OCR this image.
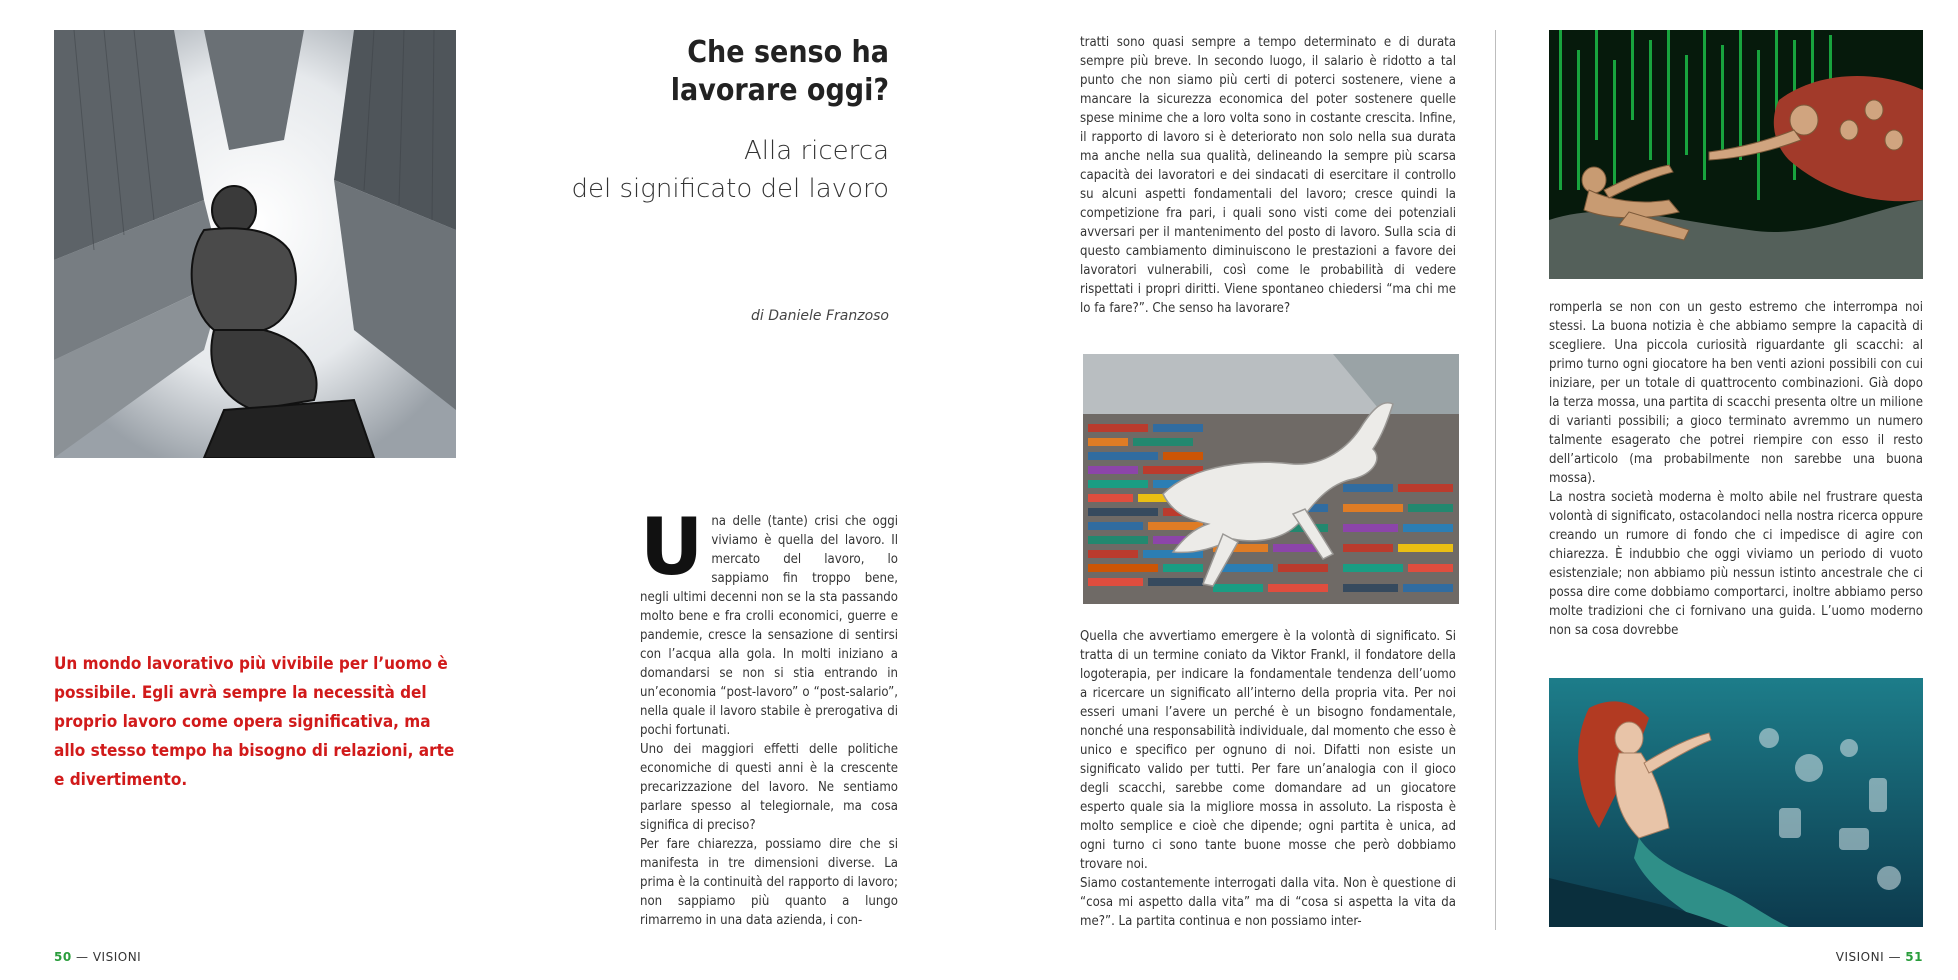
Che senso ha
lavorare oggi?
Alla ricerca
del significato del lavoro
di Daniele Franzoso
Un mondo lavorativo più vivibile per l’uomo è possibile. Egli avrà sempre la necessità del proprio lavoro come opera significativa, ma allo stesso tempo ha bisogno di relazioni, arte e divertimento.
U na delle (tante) crisi che oggi viviamo è quella del lavoro. Il mercato del lavoro, lo sappiamo fin troppo bene, negli ultimi decenni non se la sta passando molto bene e fra crolli economici, guerre e pandemie, cresce la sensazione di sentirsi con l’acqua alla gola. In molti iniziano a domandarsi se non si stia entrando in un’economia “post-lavoro” o “post-salario”, nella quale il lavoro stabile è prerogativa di pochi fortunati.

Uno dei maggiori effetti delle politiche economiche di questi anni è la crescente precarizzazione del lavoro. Ne sentiamo parlare spesso al telegiornale, ma cosa significa di preciso?

Per fare chiarezza, possiamo dire che si manifesta in tre dimensioni diverse. La prima è la continuità del rapporto di lavoro; non sappiamo più quanto a lungo rimarremo in una data azienda, i con-

tratti sono quasi sempre a tempo determinato e di durata sempre più breve. In secondo luogo, il salario è ridotto a tal punto che non siamo più certi di poterci sostenere, viene a mancare la sicurezza economica del poter sostenere quelle spese minime che a loro volta sono in costante crescita. Infine, il rapporto di lavoro si è deteriorato non solo nella sua durata ma anche nella sua qualità, delineando la sempre più scarsa capacità dei lavoratori e dei sindacati di esercitare il controllo su alcuni aspetti fondamentali del lavoro; cresce quindi la competizione fra pari, i quali sono visti come dei potenziali avversari per il mantenimento del posto di lavoro. Sulla scia di questo cambiamento diminuiscono le prestazioni a favore dei lavoratori vulnerabili, così come le probabilità di vedere rispettati i propri diritti. Viene spontaneo chiedersi “ma chi me lo fa fare?”. Che senso ha lavorare?

Quella che avvertiamo emergere è la volontà di significato. Si tratta di un termine coniato da Viktor Frankl, il fondatore della logoterapia, per indicare la fondamentale tendenza dell’uomo a ricercare un significato all’interno della propria vita. Per noi esseri umani l’avere un perché è un bisogno fondamentale, nonché una responsabilità individuale, dal momento che esso è unico e specifico per ognuno di noi. Difatti non esiste un significato valido per tutti. Per fare un’analogia con il gioco degli scacchi, sarebbe come domandare ad un giocatore esperto quale sia la migliore mossa in assoluto. La risposta è molto semplice e cioè che dipende; ogni partita è unica, ad ogni turno ci sono tante buone mosse che però dobbiamo trovare noi.

Siamo costantemente interrogati dalla vita. Non è questione di “cosa mi aspetto dalla vita” ma di “cosa si aspetta la vita da me?”. La partita continua e non possiamo inter-

romperla se non con un gesto estremo che interrompa noi stessi. La buona notizia è che abbiamo sempre la capacità di scegliere. Una piccola curiosità riguardante gli scacchi: al primo turno ogni giocatore ha ben venti azioni possibili con cui iniziare, per un totale di quattrocento combinazioni. Già dopo la terza mossa, una partita di scacchi presenta oltre un milione di varianti possibili; a gioco terminato avremmo un numero talmente esagerato che potrei riempire con esso il resto dell’articolo (ma probabilmente non sarebbe una buona mossa).

La nostra società moderna è molto abile nel frustrare questa volontà di significato, ostacolandoci nella nostra ricerca oppure creando un rumore di fondo che ci impedisce di agire con chiarezza. È indubbio che oggi viviamo un periodo di vuoto esistenziale; non abbiamo più nessun istinto ancestrale che ci possa dire come dobbiamo comportarci, inoltre abbiamo perso molte tradizioni che ci fornivano una guida. L’uomo moderno non sa cosa dovrebbe

50 — VISIONI	VISIONI — 51
